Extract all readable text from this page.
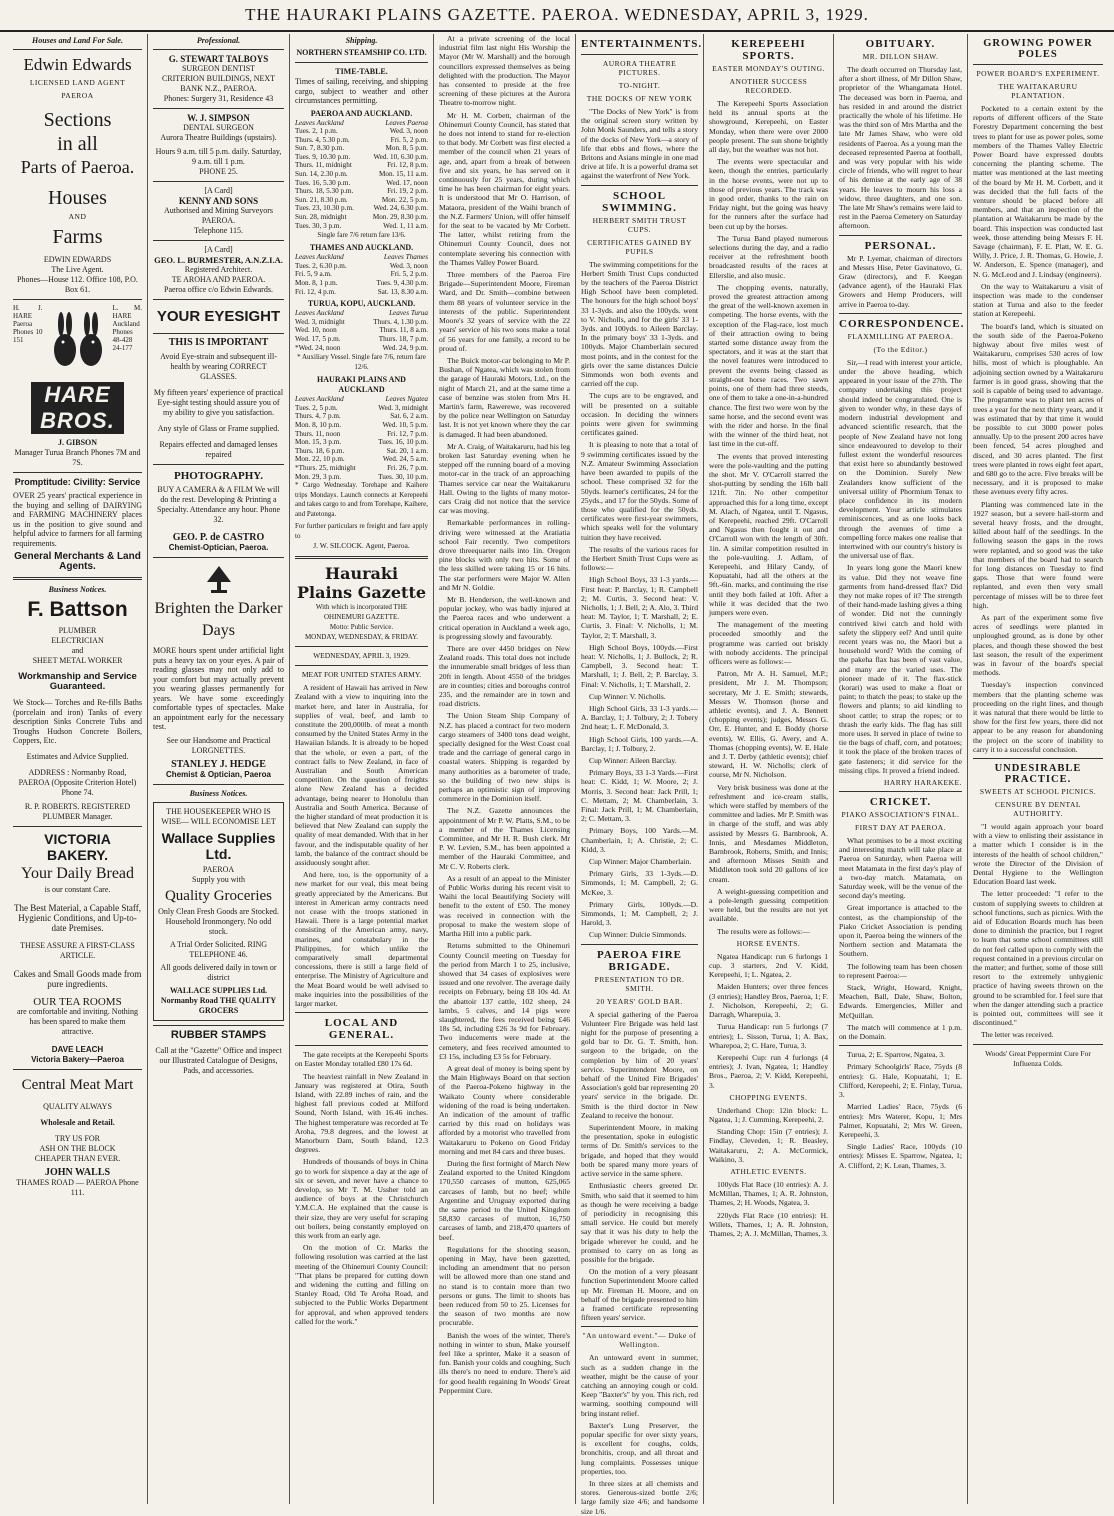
THE HAURAKI PLAINS GAZETTE. PAEROA. WEDNESDAY, APRIL 3, 1929.
Houses and Land For Sale.
Edwin Edwards
LICENSED LAND AGENT
PAEROA
Sections
in all
Parts of Paeroa.
Houses
AND
Farms
EDWIN EDWARDS
The Live Agent.
Phones—House 112. Office 108, P.O. Box 61.
H. J. HARE Paeroa Phones 10 151
L. M. HARE Auckland Phones 48-428 24-177
HARE BROS.
J. GIBSON
Manager Turua Branch Phones 7M and 7S.
Promptitude: Civility: Service
OVER 25 years' practical experience in the buying and selling of DAIRYING and FARMING MACHINERY places us in the position to give sound and helpful advice to farmers for all farming requirements.
General Merchants & Land Agents.
Business Notices.
F. Battson
PLUMBER
ELECTRICIAN
and
SHEET METAL WORKER
Workmanship and Service Guaranteed.
We Stock— Torches and Re-fills Baths (porcelain and iron) Tanks of every description Sinks Concrete Tubs and Troughs Hudson Concrete Boilers, Coppers, Etc.
Estimates and Advice Supplied.
ADDRESS : Normanby Road, PAEROA (Opposite Criterion Hotel) Phone 74.
R. P. ROBERTS. REGISTERED PLUMBER Manager.
VICTORIA BAKERY.
Your Daily Bread
is our constant Care.
The Best Material, a Capable Staff, Hygienic Conditions, and Up-to-date Premises.
THESE ASSURE A FIRST-CLASS ARTICLE.
Cakes and Small Goods made from pure ingredients.
OUR TEA ROOMS
are comfortable and inviting. Nothing has been spared to make them attractive.
DAVE LEACH
Victoria Bakery—Paeroa
Central Meat Mart
QUALITY ALWAYS
Wholesale and Retail.
TRY US FOR
ASH ON THE BLOCK
CHEAPER THAN EVER.
JOHN WALLS
THAMES ROAD — PAEROA Phone 111.
Professional.
G. STEWART TALBOYS
SURGEON DENTIST
CRITERION BUILDINGS, NEXT BANK N.Z., PAEROA.
Phones: Surgery 31, Residence 43
W. J. SIMPSON
DENTAL SURGEON
Aurora Theatre Buildings (upstairs).
Hours 9 a.m. till 5 p.m. daily. Saturday, 9 a.m. till 1 p.m.
PHONE 25.
[A Card]
KENNY AND SONS
Authorised and Mining Surveyors PAEROA.
Telephone 115.
[A Card]
GEO. L. BURMESTER, A.N.Z.I.A.
Registered Architect.
TE AROHA AND PAEROA.
Paeroa office c/o Edwin Edwards.
YOUR EYESIGHT
THIS IS IMPORTANT
Avoid Eye-strain and subsequent ill-health by wearing CORRECT GLASSES.
My fifteen years' experience of practical Eye-sight testing should assure you of my ability to give you satisfaction.
Any style of Glass or Frame supplied.
Repairs effected and damaged lenses repaired
PHOTOGRAPHY.
BUY A CAMERA & A FILM We will do the rest. Developing & Printing a Specialty. Attendance any hour. Phone 32.
GEO. P. de CASTRO
Chemist-Optician, Paeroa.
Brighten the Darker Days
MORE hours spent under artificial light puts a heavy tax on your eyes. A pair of reading glasses may not only add to your comfort but may actually prevent you wearing glasses permanently for years. We have some exceedingly comfortable types of spectacles. Make an appointment early for the necessary test.
See our Handsome and Practical LORGNETTES.
STANLEY J. HEDGE
Chemist & Optician, Paeroa
Business Notices.
THE HOUSEKEEPER WHO IS WISE— WILL ECONOMISE LET
Wallace Supplies Ltd.
PAEROA
Supply you with
Quality Groceries
Only Clean Fresh Goods are Stocked. Household Ironmongery. No odd stock.
A Trial Order Solicited. RING TELEPHONE 46.
All goods delivered daily in town or district
WALLACE SUPPLIES Ltd. Normanby Road THE QUALITY GROCERS
RUBBER STAMPS
Call at the "Gazette" Office and inspect our Illustrated Catalogue of Designs, Pads, and accessories.
Shipping.
NORTHERN STEAMSHIP CO. LTD.
TIME-TABLE.
Times of sailing, receiving, and shipping cargo, subject to weather and other circumstances permitting.
PAEROA AND AUCKLAND.
Leaves Auckland	Leaves Paeroa
Tues. 2, 1 p.m.	Wed. 3, noon
Thurs. 4, 5.30 p.m.	Fri. 5, 2 p.m.
Sun. 7, 8.30 p.m.	Mon. 8, 5 p.m.
Tues. 9, 10.30 p.m.	Wed. 10, 6.30 p.m.
Thurs. 11, midnight	Fri. 12, 8 p.m.
Sun. 14, 2.30 p.m.	Mon. 15, 11 a.m.
Tues. 16, 5.30 p.m.	Wed. 17, noon
Thurs. 18, 5.30 p.m.	Fri. 19, 2 p.m.
Sun. 21, 8.30 p.m.	Mon. 22, 5 p.m.
Tues. 23, 10.30 p.m.	Wed. 24, 6.30 p.m.
Sun. 28, midnight	Mon. 29, 8.30 p.m.
Tues. 30, 3 p.m.	Wed. 1, 11 a.m.
Single fare 7/6 return fare 13/6.
THAMES AND AUCKLAND.
Leaves Auckland	Leaves Thames
Tues. 2, 6.30 p.m.	Wed. 3, noon
Fri. 5, 9 a.m.	Fri. 5, 2 p.m.
Mon. 8, 1 p.m.	Tues. 9, 4.30 p.m.
Fri. 12, 4 p.m.	Sat. 13, 8.30 a.m.
TURUA, KOPU, AUCKLAND.
Leaves Auckland	Leaves Turua
Wed. 3, midnight	Thurs. 4, 1.30 p.m.
Wed. 10, noon	Thurs. 11, 8 a.m.
Wed. 17, 5 p.m.	Thurs. 18, 7 p.m.
*Wed. 24, noon	Wed. 24, 9 p.m.
* Auxiliary Vessel. Single fare 7/6, return fare 12/6.
HAURAKI PLAINS AND AUCKLAND
Leaves Auckland	Leaves Ngatea
Tues. 2, 5 p.m.	Wed. 3, midnight
Thurs. 4, 7 p.m.	Sat. 6, 2 a.m.
Mon. 8, 10 p.m.	Wed. 10, 5 p.m.
Thurs. 11, noon	Fri. 12, 7 p.m.
Mon. 15, 3 p.m.	Tues. 16, 10 p.m.
Thurs. 18, 6 p.m.	Sat. 20, 1 a.m.
Mon. 22, 10 p.m.	Wed. 24, 5 a.m.
*Thurs. 25, midnight	Fri. 26, 7 p.m.
Mon. 29, 3 p.m.	Tues. 30, 10 p.m.
* Cargo Wednesday. Torehape and Kaihere trips Mondays. Launch connects at Kerepeehi and takes cargo to and from Torehape, Kaihere, and Patetonga.
For further particulars re freight and fare apply to
J. W. SILCOCK. Agent, Paeroa.
Hauraki Plains Gazette
With which is incorporated THE OHINEMURI GAZETTE.
Motto: Public Service.
MONDAY, WEDNESDAY, & FRIDAY.
WEDNESDAY, APRIL 3, 1929.
MEAT FOR UNITED STATES ARMY.

A resident of Hawaii has arrived in New Zealand with a view to inquiring into the market here, and later in Australia, for supplies of veal, beef, and lamb to constitute the 200,000lb. of meat a month consumed by the United States Army in the Hawaiian Islands. It is already to be hoped that the whole, or even a part, of the contract falls to New Zealand, in face of Australian and South American competition. On the question of freights alone New Zealand has a decided advantage, being nearer to Honolulu than Australia and South America. Because of the higher standard of meat production it is believed that New Zealand can supply the quality of meat demanded. With that in her favour, and the indisputable quality of her lamb, the balance of the contract should be assiduously sought after.

And here, too, is the opportunity of a new market for our veal, this meat being greatly appreciated by the Americans. But interest in American army contracts need not cease with the troops stationed in Hawaii. There is a large potential market consisting of the American army, navy, marines, and constabulary in the Philippines, for which unlike the comparatively small departmental concessions, there is still a large field of enterprise. The Ministry of Agriculture and the Meat Board would be well advised to make inquiries into the possibilities of the larger market.

LOCAL AND GENERAL.

The gate receipts at the Kerepeehi Sports on Easter Monday totalled £80 17s 6d.

The heaviest rainfall in New Zealand in January was registered at Otira, South Island, with 22.89 inches of rain, and the highest fall previous coded at Milford Sound, North Island, with 16.46 inches. The highest temperature was recorded at Te Aroha, 79.8 degrees, and the lowest at Manorburn Dam, South Island, 12.3 degrees.

Hundreds of thousands of boys in China go to work for sixpence a day at the age of six or seven, and never have a chance to develop, so Mr T. M. Ussher told an audience of boys at the Christchurch Y.M.C.A. He explained that the cause is their size, they are very useful for scraping out boilers, being constantly employed on this work from an early age.

On the motion of Cr. Marks the following resolution was carried at the last meeting of the Ohinemuri County Council: "That plans be prepared for cutting down and widening the cutting and filling on Stanley Road, Old Te Aroha Road, and subjected to the Public Works Department for approval, and when approved tenders called for the work."

At a private screening of the local industrial film last night His Worship the Mayor (Mr W. Marshall) and the borough councillors expressed themselves as being delighted with the production. The Mayor has consented to preside at the free screening of these pictures at the Aurora Theatre to-morrow night.

Mr H. M. Corbett, chairman of the Ohinemuri County Council, has stated that he does not intend to stand for re-election to that body. Mr Corbett was first elected a member of the council when 21 years of age, and, apart from a break of between five and six years, he has served on it continuously for 25 years, during which time he has been chairman for eight years. It is understood that Mr O. Harrison, of Mataora, president of the Waihi branch of the N.Z. Farmers' Union, will offer himself for the seat to be vacated by Mr Corbett. The latter, whilst retiring from the Ohinemuri County Council, does not contemplate severing his connection with the Thames Valley Power Board.

Three members of the Paeroa Fire Brigade—Superintendent Moore, Fireman Ward, and Dr. Smith—combine between them 88 years of volunteer service in the interests of the public. Superintendent Moore's 32 years of service with the 22 years' service of his two sons make a total of 56 years for one family, a record to be proud of.

The Buick motor-car belonging to Mr P. Bushan, of Ngatea, which was stolen from the garage of Hauraki Motors, Ltd., on the night of March 21, and at the same time a case of benzine was stolen from Mrs H. Martin's farm, Rawerewe, was recovered by the police near Wellington on Saturday last. It is not yet known where they the car is damaged. It had been abandoned.

Mr A. Craig, of Waitakaruru, had his leg broken last Saturday evening when he stepped off the running board of a moving motor-car in the track of an approaching Thames service car near the Waitakaruru Hall. Owing to the lights of many motor-cars Craig did not notice that the service car was moving.

Remarkable performances in rolling-driving were witnessed at the Aratiatia school Fair recently. Two competitors drove threequarter nails into 1in. Oregon pine blocks with only two hits. Some of the less skilled were taking 15 or 16 hits. The star performers were Major W. Allen and Mr N. Goldie.

Mr B. Henderson, the well-known and popular jockey, who was badly injured at the Paeroa races and who underwent a critical operation in Auckland a week ago, is progressing slowly and favourably.

There are over 4450 bridges on New Zealand roads. This total does not include the innumerable small bridges of less than 20ft in length. About 4550 of the bridges are in counties; cities and boroughs control 235, and the remainder are in town and road districts.

The Union Steam Ship Company of N.Z. has placed a contract for two modern cargo steamers of 3400 tons dead weight, specially designed for the West Coast coal trade and the carriage of general cargo in coastal waters. Shipping is regarded by many authorities as a barometer of trade, so the building of two new ships is perhaps an optimistic sign of improving commerce in the Dominion itself.

The N.Z. Gazette announces the appointment of Mr P. W. Platts, S.M., to be a member of the Thames Licensing Committee, and Mr H. R. Bush clerk. Mr P. W. Levien, S.M., has been appointed a member of the Hauraki Committee, and Mr C. V. Roberts clerk.

As a result of an appeal to the Minister of Public Works during his recent visit to Waihi the local Beautifying Society will benefit to the extent of £50. The money was received in connection with the proposal to make the western slope of Martha Hill into a public park.

Returns submitted to the Ohinemuri County Council meeting on Tuesday for the period from March 1 to 25, inclusive, showed that 34 cases of explosives were issued and one revolver. The average daily receipts on February, being £8 10s 4d. At the abattoir 137 cattle, 102 sheep, 24 lambs, 5 calves, and 14 pigs were slaughtered, the fees received being £46 18s 5d, including £26 3s 9d for February. Two inducements were made at the cemetery, and fees received amounted to £3 15s, including £3 5s for February.

A great deal of money is being spent by the Main Highways Board on that section of the Paeroa-Pokeno highway in the Waikato County where considerable widening of the road is being undertaken. An indication of the amount of traffic carried by this road on holidays was afforded by a motorist who travelled from Waitakaruru to Pokeno on Good Friday morning and met 84 cars and three buses.

During the first fortnight of March New Zealand exported to the United Kingdom 170,550 carcases of mutton, 625,065 carcases of lamb, but no beef; while Argentine and Uruguay exported during the same period to the United Kingdom 58,830 carcases of mutton, 16,750 carcases of lamb, and 218,470 quarters of beef.

Regulations for the shooting season, opening in May, have been gazetted, including an amendment that no person will be allowed more than one stand and no stand is to contain more than two persons or guns. The limit to shoots has been reduced from 50 to 25. Licenses for the season of two months are now procurable.

Banish the woes of the winter, There's nothing in winter to shun, Make yourself feel like a sprinter, Make it a season of fun. Banish your colds and coughing, Such ills there's no need to endure. There's aid for good health regaining In Woods' Great Peppermint Cure.

ENTERTAINMENTS.
AURORA THEATRE PICTURES.
TO-NIGHT.
THE DOCKS OF NEW YORK

"The Docks of New York" is from the original screen story written by John Monk Saunders, and tells a story of the docks of New York—a story of life that ebbs and flows, where the Britons and Asians mingle in one mad drive at life. It is a powerful drama set against the waterfront of New York.

SCHOOL SWIMMING.
HERBERT SMITH TRUST CUPS.
CERTIFICATES GAINED BY PUPILS

The swimming competitions for the Herbert Smith Trust Cups conducted by the teachers of the Paeroa District High School have been completed. The honours for the high school boys' 33 1-3yds. and also the 100yds. went to V. Nicholls, and for the girls' 33 1-3yds. and 100yds. to Aileen Barclay. In the primary boys' 33 1-3yds. and 100yds. Major Chamberlain secured most points, and in the contest for the girls over the same distances Dulcie Simmonds won both events and carried off the cup.

The cups are to be engraved, and will be presented on a suitable occasion. In deciding the winners points were given for swimming certificates gained.

It is pleasing to note that a total of 9 swimming certificates issued by the N.Z. Amateur Swimming Association have been awarded to pupils of the school. These comprised 32 for the 50yds. learner's certificates, 24 for the 25yds., and 17 for the 50yds. Some of those who qualified for the 50yds. certificates were first-year swimmers, which speaks well for the voluntary tuition they have received.

The results of the various races for the Herbert Smith Trust Cups were as follows:—

High School Boys, 33 1-3 yards.—First heat: P. Barclay, 1; R. Campbell 2; M. Curtis, 3. Second heat: V. Nicholls, 1; J. Bell, 2; A. Alo, 3. Third heat: M. Taylor, 1; T. Marshall, 2; E. Curtis, 3. Final: V. Nicholls, 1; M. Taylor, 2; T. Marshall, 3.

High School Boys, 100yds.—First heat: V. Nicholls, 1; J. Bullock, 2; R. Campbell, 3. Second heat: T. Marshall, 1; J. Bell, 2; P. Barclay, 3. Final: V. Nicholls, 1; T. Marshall, 2.

Cup Winner: V. Nicholls.

High School Girls, 33 1-3 yards.—A. Barclay, 1; J. Tolbury, 2; J. Tobery 2nd heat; L. F. McDonald, 3.

High School Girls, 100 yards.—A. Barclay, 1; J. Tolbury, 2.

Cup Winner: Aileen Barclay.

Primary Boys, 33 1-3 Yards.—First heat: C. Kidd, 1; W. Moore, 2; J. Morris, 3. Second heat: Jack Prill, 1; C. Mettam, 2; M. Chamberlain, 3. Final: Jack Prill, 1; M. Chamberlain, 2; C. Mettam, 3.

Primary Boys, 100 Yards.—M. Chamberlain, 1; A. Christie, 2; C. Kidd, 3.

Cup Winner: Major Chamberlain.

Primary Girls, 33 1-3yds.—D. Simmonds, 1; M. Campbell, 2; G. McKee, 3.

Primary Girls, 100yds.—D. Simmonds, 1; M. Campbell, 2; J. Harold, 3.

Cup Winner: Dulcie Simmonds.

PAEROA FIRE BRIGADE.
PRESENTATION TO DR. SMITH.
20 YEARS' GOLD BAR.

A special gathering of the Paeroa Volunteer Fire Brigade was held last night for the purpose of presenting a gold bar to Dr. G. T. Smith, hon. surgeon to the brigade, on the completion by him of 20 years' service. Superintendent Moore, on behalf of the United Fire Brigades' Association's gold bar representing 20 years' service in the brigade. Dr. Smith is the third doctor in New Zealand to receive the honour.

Superintendent Moore, in making the presentation, spoke in eulogistic terms of Dr. Smith's services to the brigade, and hoped that they would both be spared many more years of active service in the same sphere.

Enthusiastic cheers greeted Dr. Smith, who said that it seemed to him as though he were receiving a badge of periodicity in recognising this small service. He could but merely say that it was his duty to help the brigade wherever he could, and he promised to carry on as long as possible for the brigade.

On the motion of a very pleasant function Superintendent Moore called up Mr. Fireman H. Moore, and on behalf of the brigade presented to him a framed certificate representing fifteen years' service.

"An untoward event."— Duke of Wellington.

An untoward event in summer, such as a sudden change in the weather, might be the cause of your catching an annoying cough or cold. Keep "Baxter's" by you. This rich, red warming, soothing compound will bring instant relief.

Baxter's Lung Preserver, the popular specific for over sixty years, is excellent for coughs, colds, bronchitis, croup, and all throat and lung complaints. Possesses unique properties, too.

In three sizes at all chemists and stores. Generous-sized bottle 2/6; large family size 4/6; and handsome size 1/6.

KEREPEEHI SPORTS.
EASTER MONDAY'S OUTING.
ANOTHER SUCCESS RECORDED.

The Kerepeehi Sports Association held its annual sports at the showground, Kerepeehi, on Easter Monday, when there were over 2000 people present. The sun shone brightly all day, but the weather was not hot.

The events were spectacular and keen, though the entries, particularly in the horse events, were not up to those of previous years. The track was in good order, thanks to the rain on Friday night, but the going was heavy for the runners after the surface had been cut up by the horses.

The Turua Band played numerous selections during the day, and a radio receiver at the refreshment booth broadcasted results of the races at Ellerslie, and also music.

The chopping events, naturally, proved the greatest attraction among the great of the well-known axemen in competing. The horse events, with the exception of the Flag-race, lost much of their attraction owing to being started some distance away from the spectators, and it was at the start that the novel features were introduced to prevent the events being classed as straight-out horse races. Two sawn points, one of them had three steeds, one of them to take a one-in-a-hundred chance. The first two were won by the same horse, and the second event was with the rider and horse. In the final with the winner of the third heat, not last time in the cut-off.

The events that proved interesting were the pole-vaulting and the putting the shot. Mr V. O'Carroll starred the shot-putting by sending the 16lb ball 121ft. 7in. No other competitor approached this for a long time, except M. Alach, of Ngatea, until T. Ngasus, of Kerepeehi, reached 29ft. O'Carroll and Ngasus then fought it out and O'Carroll won with the length of 30ft. 1in. A similar competition resulted in the pole-vaulting. J. Adlam, of Kerepeehi, and Hilary Candy, of Kopuatahi, had all the others at the 9ft.-6in. marks, and continuing the rise until they both failed at 10ft. After a while it was decided that the two jumpers were even.

The management of the meeting proceeded smoothly and the programme was carried out briskly with nobody accidents. The principal officers were as follows:—

Patron, Mr A. H. Samuel, M.P.; president, Mr J. M. Thompson; secretary, Mr J. E. Smith; stewards, Messrs W. Thomson (horse and athletic events), and J. A. Bennett (chopping events); judges, Messrs G. Orr, E. Hunter, and E. Boddy (horse events), W. Ellis, G. Avery, and A. Thomas (chopping events), W. E. Hale and J. T. Derby (athletic events); chief steward, H. W. Nicholls; clerk of course, Mr N. Nicholson.

Very brisk business was done at the refreshment and ice-cream stalls, which were staffed by members of the committee and ladies. Mr P. Smith was in charge of the stuff, and was ably assisted by Messrs G. Barnbrook, A. Innis, and Mesdames Middleton, Barnbrook, Roberts, Smith, and Innis; and afternoon Misses Smith and Middleton took sold 20 gallons of ice cream.

A weight-guessing competition and a pole-length guessing competition were held, but the results are not yet available.

The results were as follows:—

HORSE EVENTS.

Ngatea Handicap: run 6 furlongs 1 cup. 3 starters, 2nd V. Kidd, Kerepeehi, 1; L. Ngatea, 2.

Maiden Hunters; over three fences (3 entries); Handley Bros, Paeroa, 1; F. J. Nicholson, Kerepeehi, 2; G. Darragh, Wharepuia, 3.

Turua Handicap: run 5 furlongs (7 entries); L. Sisson, Turua, 1; A. Bax, Wharepoa, 2; C. Hare, Turua, 3.

Kerepeehi Cup: run 4 furlongs (4 entries); J. Ivan, Ngatea, 1; Handley Bros., Paeroa, 2; V. Kidd, Kerepeehi, 3.

CHOPPING EVENTS.

Underhand Chop: 12in block: L. Ngatea, 1; J. Cumming, Kerepeehi, 2.

Standing Chop: 15in (7 entries); J. Findlay, Cleveden, 1; R. Beasley, Waitakaruru, 2; A. McCormick, Waikino, 3.

ATHLETIC EVENTS.

100yds Flat Race (10 entries): A. J. McMillan, Thames, 1; A. R. Johnston, Thames, 2; H. Woods, Ngatea, 3.

220yds Flat Race (10 entries): H. Willets, Thames, 1; A. R. Johnston, Thames, 2; A. J. McMillan, Thames, 3.

OBITUARY.
MR. DILLON SHAW.

The death occurred on Thursday last, after a short illness, of Mr Dillon Shaw, proprietor of the Whangamata Hotel. The deceased was born in Paeroa, and has resided in and around the district practically the whole of his lifetime. He was the third son of Mrs Martha and the late Mr James Shaw, who were old residents of Paeroa. As a young man the deceased represented Paeroa at football, and was very popular with his wide circle of friends, who will regret to hear of his demise at the early age of 38 years. He leaves to mourn his loss a widow, three daughters, and one son. The late Mr Shaw's remains were laid to rest in the Paeroa Cemetery on Saturday afternoon.

PERSONAL.

Mr P. Lyemar, chairman of directors and Messrs Hise, Peter Gavinatovo, G. Graw (directors), and F. Keegan (advance agent), of the Hauraki Flax Growers and Hemp Producers, will arrive in Paeroa to-day.

CORRESPONDENCE.
FLAXMILLING AT PAEROA.
(To the Editor.)

Sir,—I read with interest your article, under the above heading, which appeared in your issue of the 27th. The company undertaking this project should indeed be congratulated. One is given to wonder why, in these days of modern industrial development and advanced scientific research, that the people of New Zealand have not long since endeavoured to develop to their fullest extent the wonderful resources that exist here so abundantly bestowed on the Dominion. Surely New Zealanders know sufficient of the universal utility of Phormium Tenax to place confidence in its modern development. Your article stimulates reminiscences, and as one looks back through the avenues of time a compelling force makes one realise that intertwined with our country's history is the universal use of flax.

In years long gone the Maori knew its value. Did they not weave fine garments from hand-dressed flax? Did they not make ropes of it? The strength of their hand-made lashing gives a thing of wonder. Did not the cunningly contrived kiwi catch and hold with safety the slippery eel? And until quite recent years was no, the Maori but a household word? With the coming of the pakeha flax has been of vast value, and many are the varied uses. The pioneer made of it. The flax-stick (korari) was used to make a float or paint; to thatch the peas; to stake up the flowers and plants; to aid kindling to shoot cattle; to strap the ropes; or to thrash the early kids. The flag has still more uses. It served in place of twine to tie the bags of chaff, corn, and potatoes; it took the place of the broken traces of gate fasteners; it did service for the missing clips. It proved a friend indeed.

HARRY HARAKEKE.
CRICKET.
PIAKO ASSOCIATION'S FINAL.
FIRST DAY AT PAEROA.

What promises to be a most exciting and interesting match will take place at Paeroa on Saturday, when Paeroa will meet Matamata in the first day's play of a two-day match. Matamata, on Saturday week, will be the venue of the second day's meeting.

Great importance is attached to the contest, as the championship of the Piako Cricket Association is pending upon it, Paeroa being the winners of the Northern section and Matamata the Southern.

The following team has been chosen to represent Paeroa:—

Stack, Wright, Howard, Knight, Meachen, Ball, Dale, Shaw, Bolton, Edwards. Emergencies, Miller and McQuillan.

The match will commence at 1 p.m. on the Domain.

Turua, 2; E. Sparrow, Ngatea, 3.

Primary Schoolgirls' Race, 75yds (8 entries): G. Hale, Kopuatahi, 1; E. Clifford, Kerepeehi, 2; E. Finlay, Turua, 3.

Married Ladies' Race, 75yds (6 entries): Mrs Waterer, Kopu, 1; Mrs Palmer, Kopuatahi, 2; Mrs W. Green, Kerepeehi, 3.

Single Ladies' Race, 100yds (10 entries): Misses E. Sparrow, Ngatea, 1; A. Clifford, 2; K. Lean, Thames, 3.

GROWING POWER POLES
POWER BOARD'S EXPERIMENT.
THE WAITAKARURU PLANTATION.

Pocketed to a certain extent by the reports of different officers of the State Forestry Department concerning the best trees to plant for use as power poles, some members of the Thames Valley Electric Power Board have expressed doubts concerning the planting scheme. The matter was mentioned at the last meeting of the board by Mr H. M. Corbett, and it was decided that the full facts of the venture should be placed before all members, and that an inspection of the plantation at Waitakaruru be made by the board. This inspection was conducted last week, those attending being Messrs F. H. Savage (chairman), F. E. Platt, W. E. G. Willy, J. Price, J. R. Thomas, G. Howie, J. W. Anderson, E. Spence (manager), and N. G. McLeod and J. Lindsay (engineers).

On the way to Waitakaruru a visit of inspection was made to the condenser station at Turua and also to the feeder station at Kerepeehi.

The board's land, which is situated on the south side of the Paeroa-Pokeno highway about five miles west of Waitakaruru, comprises 530 acres of low hills, most of which is ploughable. An adjoining section owned by a Waitakaruru farmer is in good grass, showing that the soil is capable of being used to advantage. The programme was to plant ten acres of trees a year for the next thirty years, and it was estimated that by that time it would be possible to cut 3000 power poles annually. Up to the present 200 acres have been fenced, 54 acres ploughed and disced, and 30 acres planted. The first trees were planted in rows eight feet apart, and 680 go to the acre. Five breaks will be necessary, and it is proposed to make these avenues every fifty acres.

Planting was commenced late in the 1927 season, but a severe hail-storm and several heavy frosts, and the drought, killed about half of the seedlings. In the following season the gaps in the rows were replanted, and so good was the take that members of the board had to search for long distances on Tuesday to find gaps. Those that were found were replanted, and even then very small percentage of misses will be to three feet high.

As part of the experiment some five acres of seedlings were planted in unploughed ground, as is done by other places, and though these showed the best last season, the result of the experiment was in favour of the board's special methods.

Tuesday's inspection convinced members that the planting scheme was proceeding on the right lines, and though it was natural that there would be little to show for the first few years, there did not appear to be any reason for abandoning the project on the score of inability to carry it to a successful conclusion.

UNDESIRABLE PRACTICE.
SWEETS AT SCHOOL PICNICS.
CENSURE BY DENTAL AUTHORITY.

"I would again approach your board with a view to enlisting their assistance in a matter which I consider is in the interests of the health of school children," wrote the Director of the Division of Dental Hygiene to the Wellington Education Board last week.

The letter proceeded: "I refer to the custom of supplying sweets to children at school functions, such as picnics. With the aid of Education Boards much has been done to diminish the practice, but I regret to learn that some school committees still do not feel called upon to comply with the request contained in a previous circular on the matter; and further, some of those still resort to the extremely unhygienic practice of having sweets thrown on the ground to be scrambled for. I feel sure that when the danger attending such a practice is pointed out, committees will see it discontinued."

The letter was received.

Woods' Great Peppermint Cure For Influenza Colds.
